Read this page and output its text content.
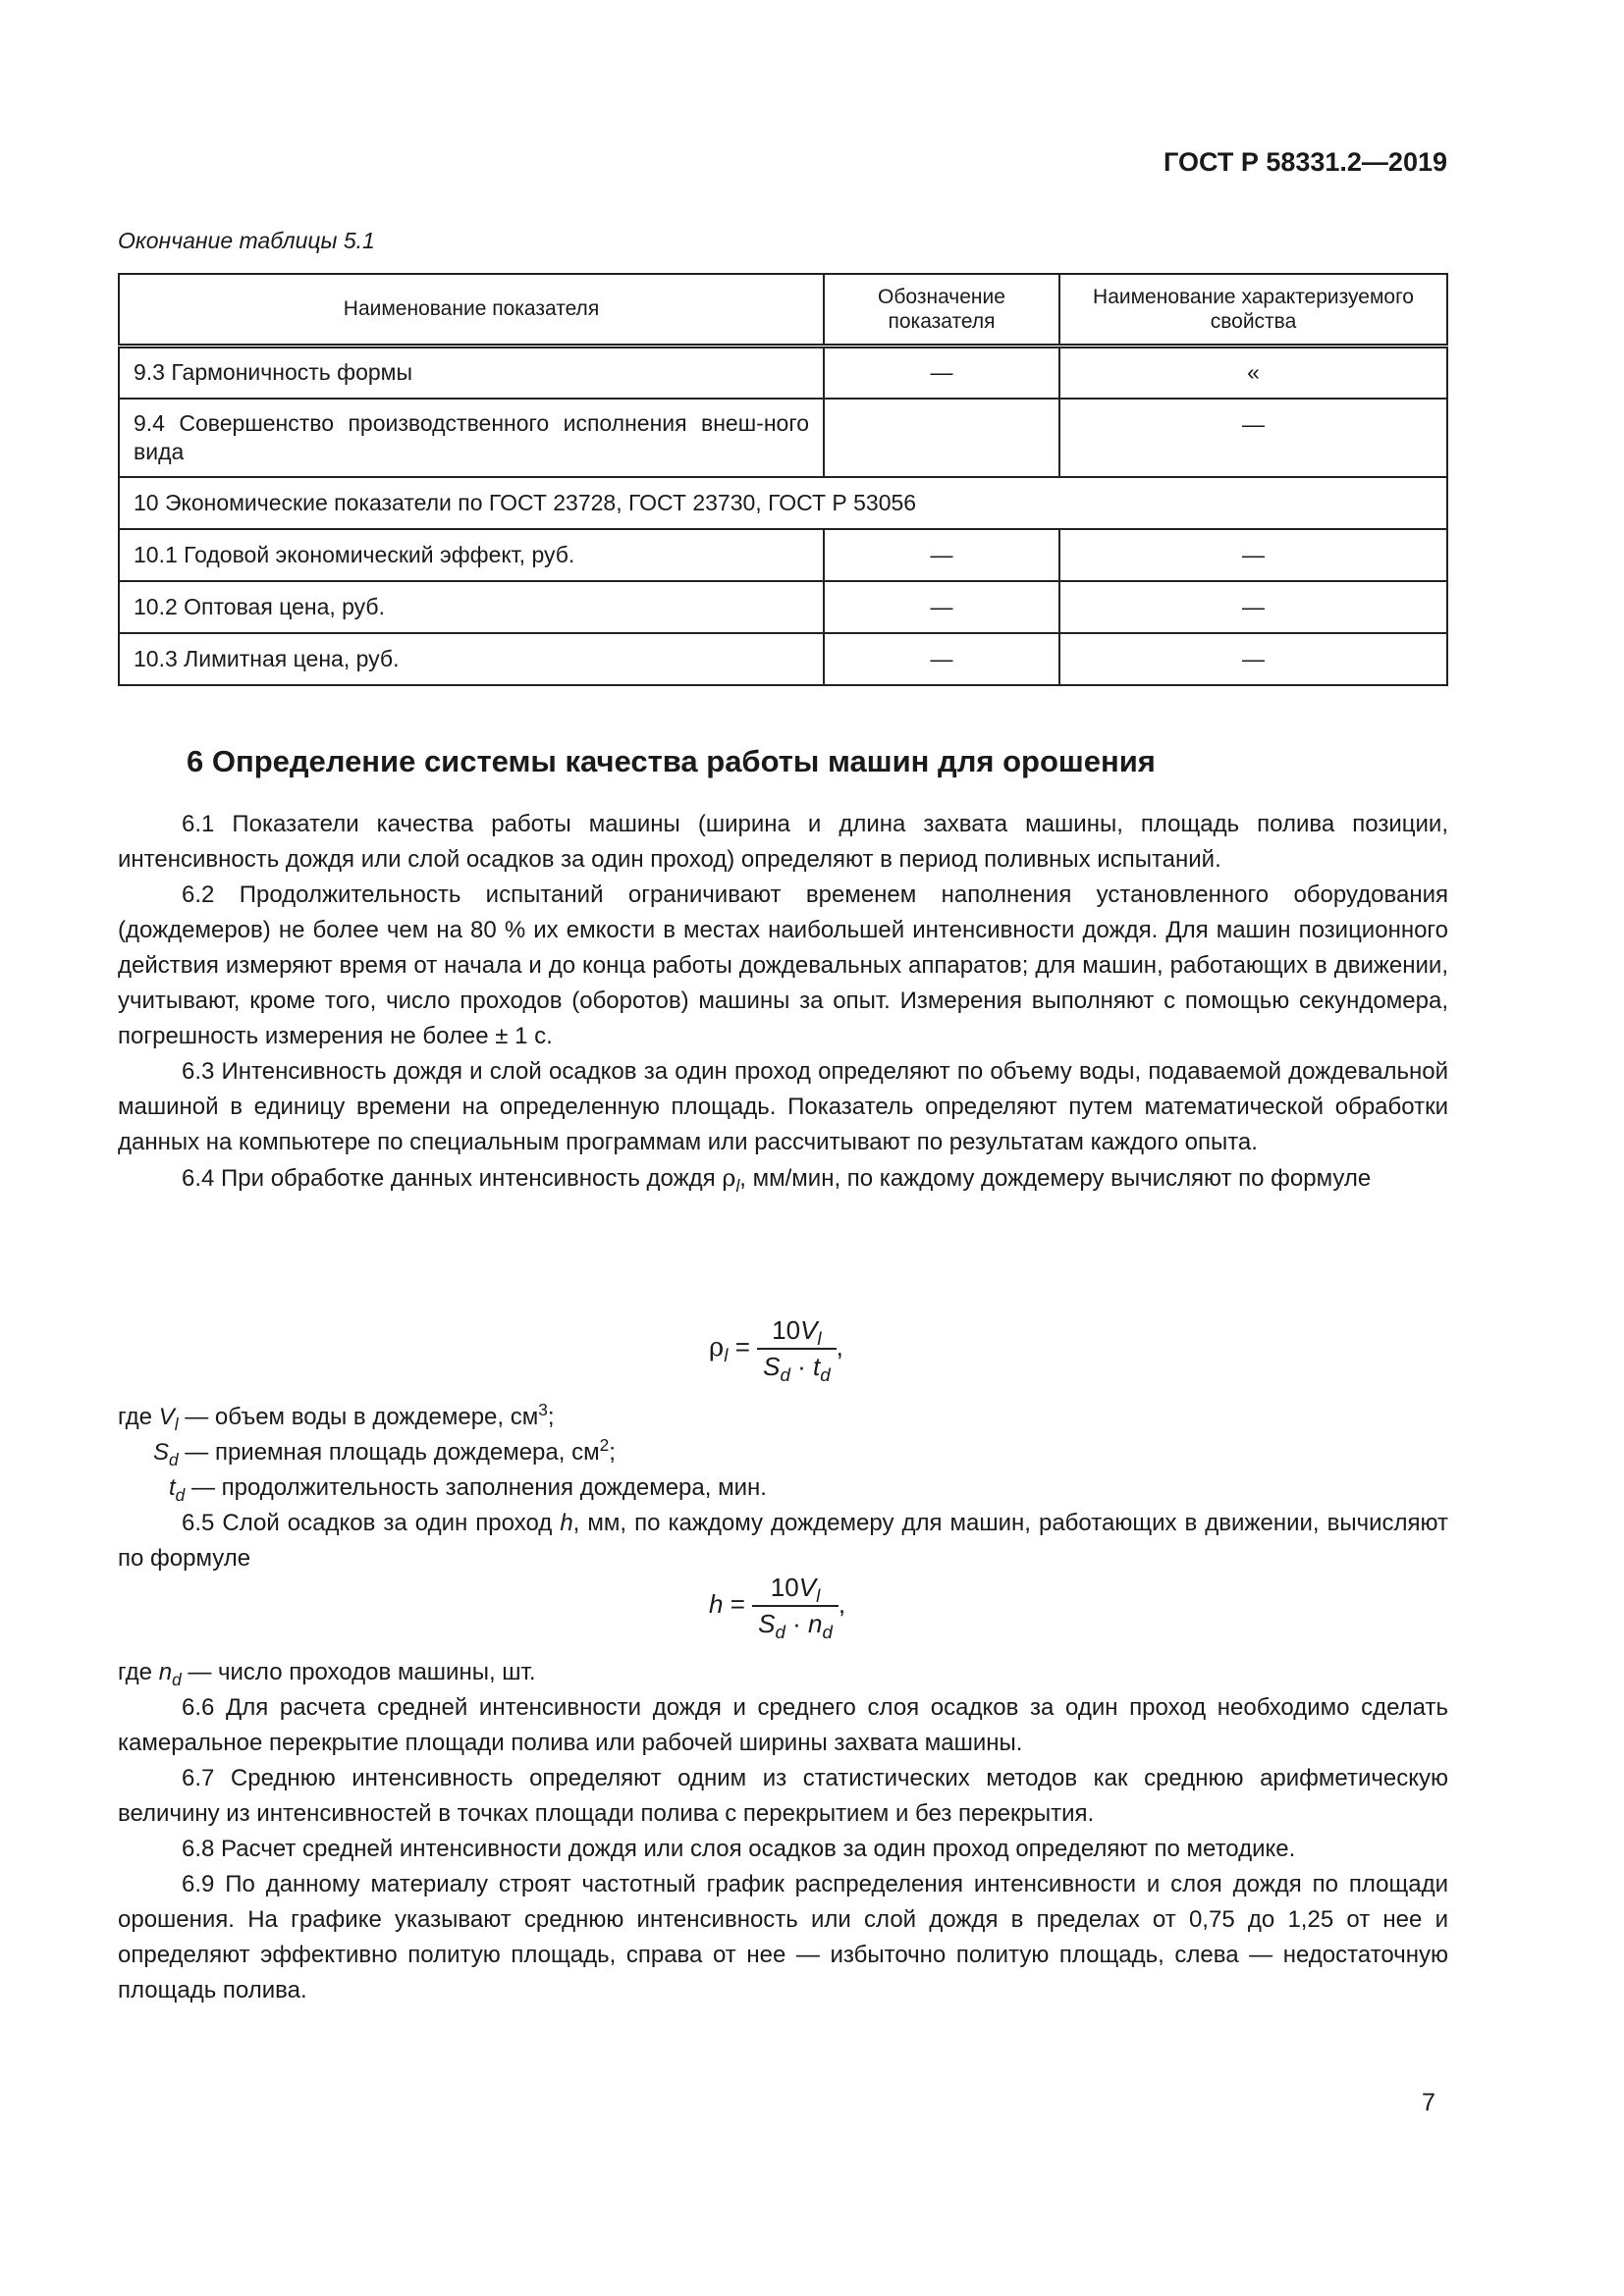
ГОСТ Р 58331.2—2019
Окончание таблицы 5.1
Наименование показателя	Обозначение показателя	Наименование характеризуемого свойства
9.3 Гармоничность формы	—	«
9.4 Совершенство производственного исполнения внеш-ного вида		—
10 Экономические показатели по ГОСТ 23728, ГОСТ 23730, ГОСТ Р 53056		
10.1 Годовой экономический эффект, руб.	—	—
10.2 Оптовая цена, руб.	—	—
10.3 Лимитная цена, руб.	—	—
6 Определение системы качества работы машин для орошения

6.1 Показатели качества работы машины (ширина и длина захвата машины, площадь полива позиции, интенсивность дождя или слой осадков за один проход) определяют в период поливных испытаний.

6.2 Продолжительность испытаний ограничивают временем наполнения установленного оборудования (дождемеров) не более чем на 80 % их емкости в местах наибольшей интенсивности дождя. Для машин позиционного действия измеряют время от начала и до конца работы дождевальных аппаратов; для машин, работающих в движении, учитывают, кроме того, число проходов (оборотов) машины за опыт. Измерения выполняют с помощью секундомера, погрешность измерения не более ± 1 с.

6.3 Интенсивность дождя и слой осадков за один проход определяют по объему воды, подаваемой дождевальной машиной в единицу времени на определенную площадь. Показатель определяют путем математической обработки данных на компьютере по специальным программам или рассчитывают по результатам каждого опыта.

6.4 При обработке данных интенсивность дождя $\rho_l$, мм/мин, по каждому дождемеру вычисляют по формуле

$\rho_l = \frac{10V_l}{S_d \cdot t_d}$ ,
где $V_l$ — объем воды в дождемере, $см^3$;
$S_d$ — приемная площадь дождемера, $см^2$;
$t_d$ — продолжительность заполнения дождемера, мин.

6.5 Слой осадков за один проход h, мм, по каждому дождемеру для машин, работающих в движении, вычисляют по формуле

$h = \frac{10V_l}{S_d \cdot n_d}$ ,
где $n_d$ — число проходов машины, шт.

6.6 Для расчета средней интенсивности дождя и среднего слоя осадков за один проход необходимо сделать камеральное перекрытие площади полива или рабочей ширины захвата машины.

6.7 Среднюю интенсивность определяют одним из статистических методов как среднюю арифметическую величину из интенсивностей в точках площади полива с перекрытием и без перекрытия.

6.8 Расчет средней интенсивности дождя или слоя осадков за один проход определяют по методике.

6.9 По данному материалу строят частотный график распределения интенсивности и слоя дождя по площади орошения. На графике указывают среднюю интенсивность или слой дождя в пределах от 0,75 до 1,25 от нее и определяют эффективно политую площадь, справа от нее — избыточно политую площадь, слева — недостаточную площадь полива.

7
